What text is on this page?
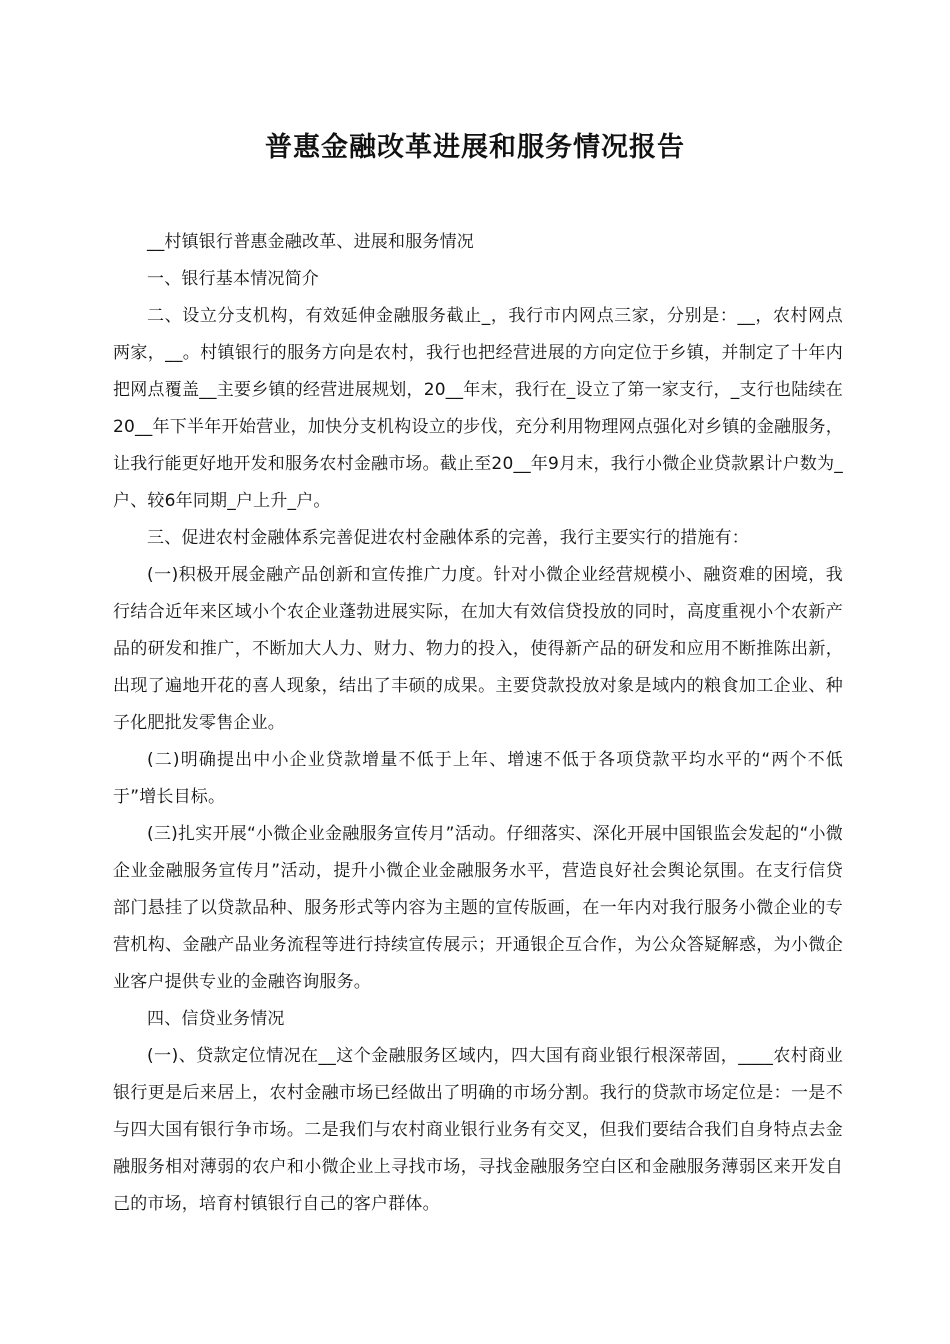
普惠金融改革进展和服务情况报告

__村镇银行普惠金融改革、进展和服务情况

一、银行基本情况简介

二、设立分支机构，有效延伸金融服务截止_，我行市内网点三家，分别是：__，农村网点两家，__。村镇银行的服务方向是农村，我行也把经营进展的方向定位于乡镇，并制定了十年内把网点覆盖__主要乡镇的经营进展规划，20__年末，我行在_设立了第一家支行，_支行也陆续在20__年下半年开始营业，加快分支机构设立的步伐，充分利用物理网点强化对乡镇的金融服务，让我行能更好地开发和服务农村金融市场。截止至20__年9月末，我行小微企业贷款累计户数为_户、较6年同期_户上升_户。

三、促进农村金融体系完善促进农村金融体系的完善，我行主要实行的措施有：

(一)积极开展金融产品创新和宣传推广力度。针对小微企业经营规模小、融资难的困境，我行结合近年来区域小个农企业蓬勃进展实际，在加大有效信贷投放的同时，高度重视小个农新产品的研发和推广，不断加大人力、财力、物力的投入，使得新产品的研发和应用不断推陈出新，出现了遍地开花的喜人现象，结出了丰硕的成果。主要贷款投放对象是域内的粮食加工企业、种子化肥批发零售企业。

(二)明确提出中小企业贷款增量不低于上年、增速不低于各项贷款平均水平的“两个不低于”增长目标。

(三)扎实开展“小微企业金融服务宣传月”活动。仔细落实、深化开展中国银监会发起的“小微企业金融服务宣传月”活动，提升小微企业金融服务水平，营造良好社会舆论氛围。在支行信贷部门悬挂了以贷款品种、服务形式等内容为主题的宣传版画，在一年内对我行服务小微企业的专营机构、金融产品业务流程等进行持续宣传展示；开通银企互合作，为公众答疑解惑，为小微企业客户提供专业的金融咨询服务。

四、信贷业务情况

(一)、贷款定位情况在__这个金融服务区域内，四大国有商业银行根深蒂固，____农村商业银行更是后来居上，农村金融市场已经做出了明确的市场分割。我行的贷款市场定位是：一是不与四大国有银行争市场。二是我们与农村商业银行业务有交叉，但我们要结合我们自身特点去金融服务相对薄弱的农户和小微企业上寻找市场，寻找金融服务空白区和金融服务薄弱区来开发自己的市场，培育村镇银行自己的客户群体。
